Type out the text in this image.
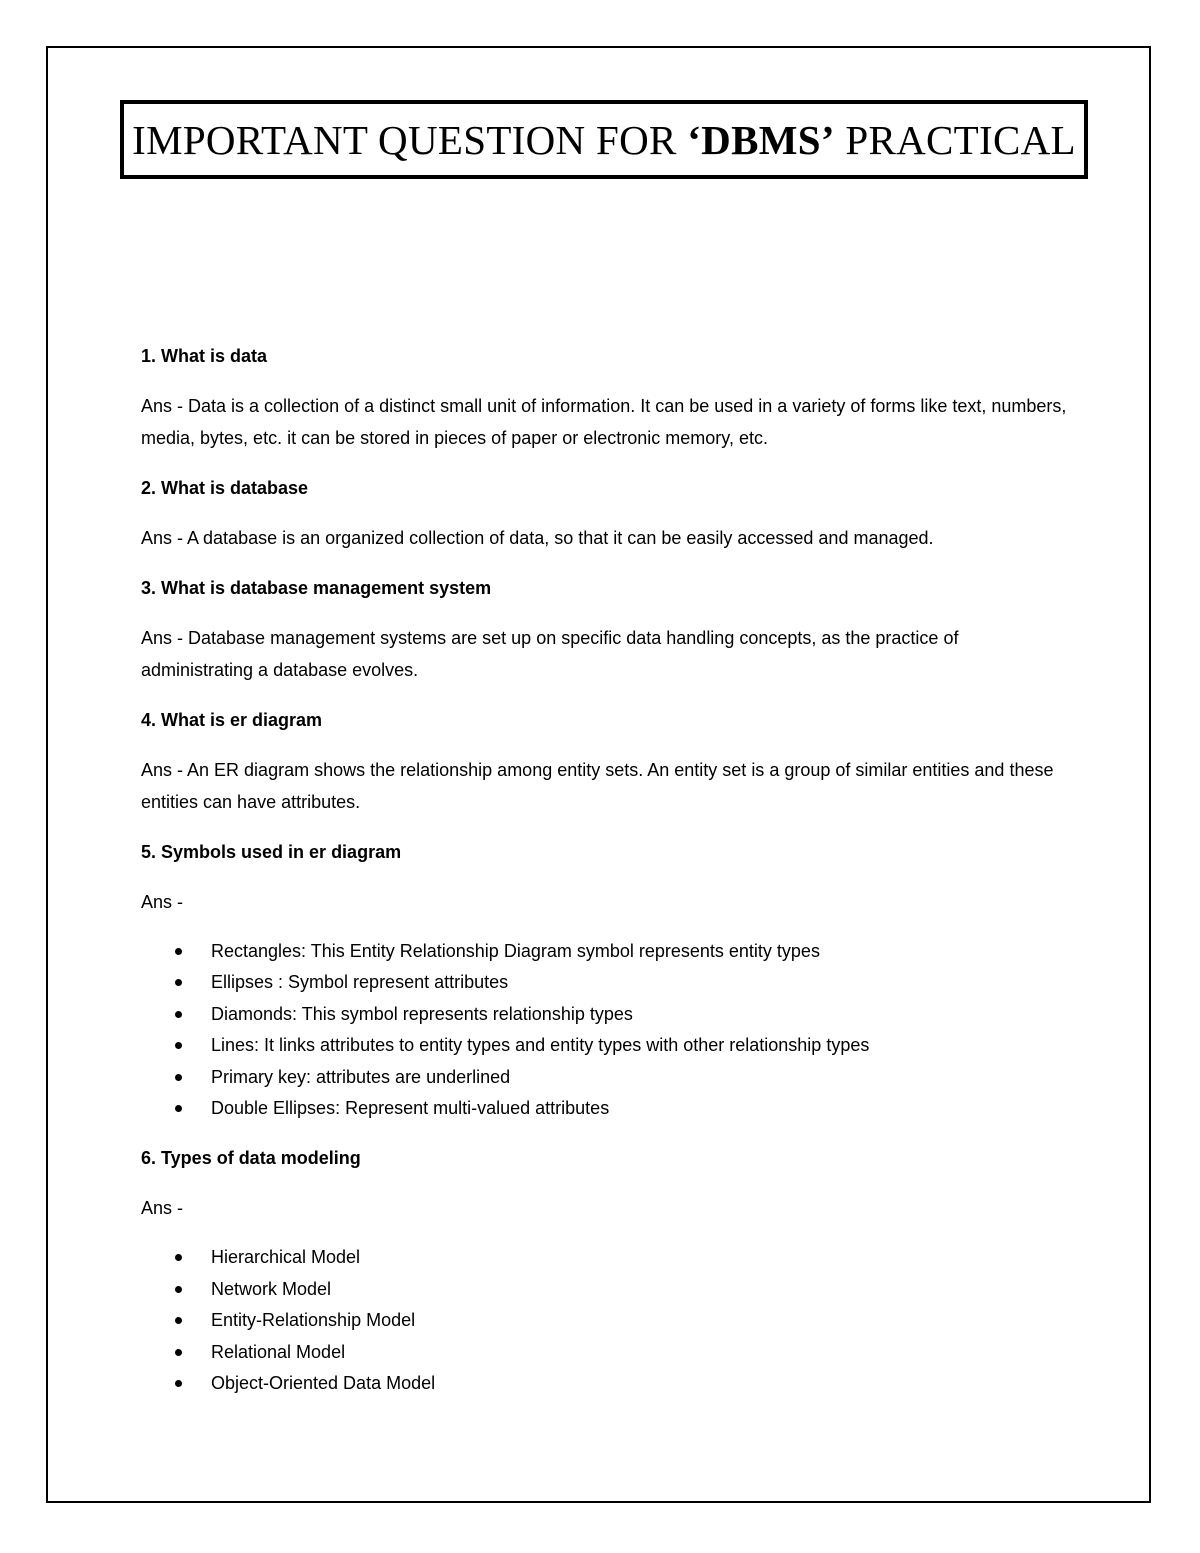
IMPORTANT QUESTION FOR ‘DBMS’ PRACTICAL

1. What is data

Ans - Data is a collection of a distinct small unit of information. It can be used in a variety of forms like text, numbers, media, bytes, etc. it can be stored in pieces of paper or electronic memory, etc.

2. What is database

Ans - A database is an organized collection of data, so that it can be easily accessed and managed.

3. What is database management system

Ans - Database management systems are set up on specific data handling concepts, as the practice of administrating a database evolves.

4. What is er diagram

Ans - An ER diagram shows the relationship among entity sets. An entity set is a group of similar entities and these entities can have attributes.

5. Symbols used in er diagram

Ans -

Rectangles: This Entity Relationship Diagram symbol represents entity types
Ellipses : Symbol represent attributes
Diamonds: This symbol represents relationship types
Lines: It links attributes to entity types and entity types with other relationship types
Primary key: attributes are underlined
Double Ellipses: Represent multi-valued attributes

6. Types of data modeling

Ans -

Hierarchical Model
Network Model
Entity-Relationship Model
Relational Model
Object-Oriented Data Model
